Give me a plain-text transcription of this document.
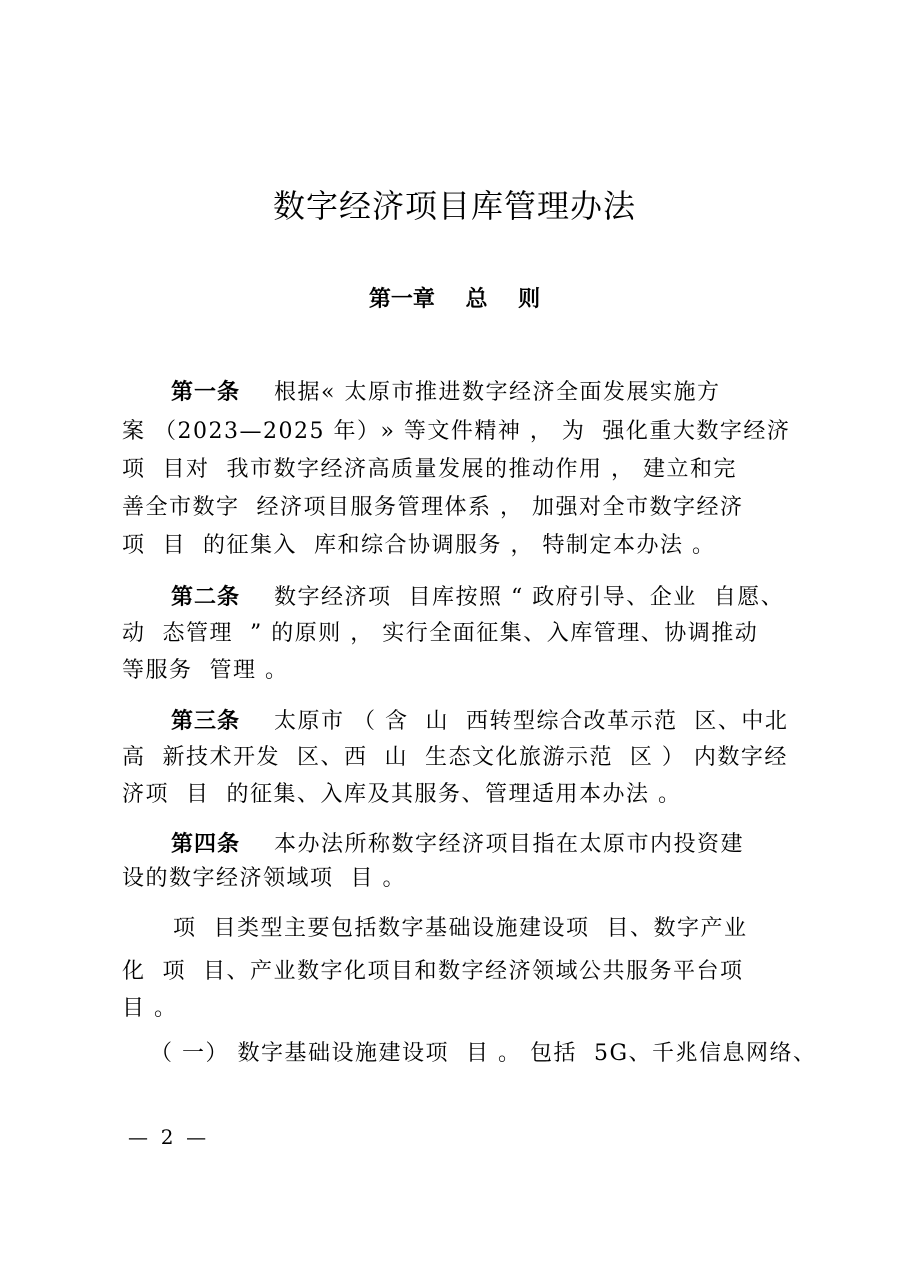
数字经济项目库管理办法
第一章    总    则
第一条    根据« 太原市推进数字经济全面发展实施方
案 （2023—2025 年）» 等文件精神 ， 为  强化重大数字经济
项  目对  我市数字经济高质量发展的推动作用 ， 建立和完
善全市数字  经济项目服务管理体系 ， 加强对全市数字经济
项  目  的征集入  库和综合协调服务 ， 特制定本办法 。
第二条    数字经济项  目库按照 “ 政府引导、企业  自愿、
动  态管理  ” 的原则 ， 实行全面征集、入库管理、协调推动
等服务  管理 。
第三条    太原市 （ 含  山  西转型综合改革示范  区、中北
高  新技术开发  区、西  山  生态文化旅游示范  区 ） 内数字经
济项  目  的征集、入库及其服务、管理适用本办法 。
第四条    本办法所称数字经济项目指在太原市内投资建
设的数字经济领域项  目 。
项  目类型主要包括数字基础设施建设项  目、数字产业
化  项  目、产业数字化项目和数字经济领域公共服务平台项
目 。
（ 一） 数字基础设施建设项  目 。 包括  5G、千兆信息网络、
—  2  —
